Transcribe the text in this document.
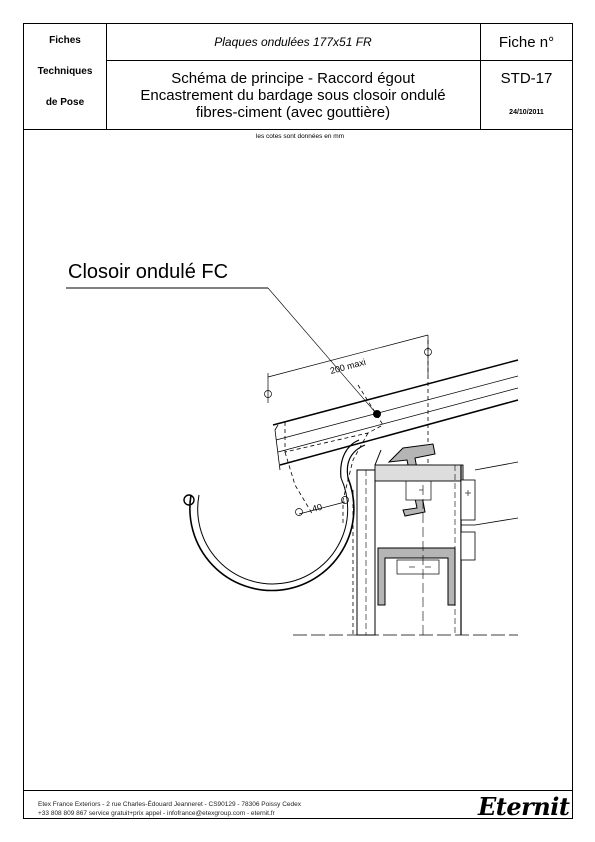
Fiches
Techniques
de Pose
Plaques ondulées 177x51 FR
Schéma de principe - Raccord égout
Encastrement du bardage sous closoir ondulé
fibres-ciment (avec gouttière)
Fiche n°
STD-17
24/10/2011
les cotes sont données en mm
Closoir ondulé FC
200 maxi
40
Etex France Exteriors - 2 rue Charles-Édouard Jeanneret - CS90129 - 78306 Poissy Cedex
+33 808 809 867 service gratuit+prix appel - infofrance@etexgroup.com - eternit.fr	Eternit
